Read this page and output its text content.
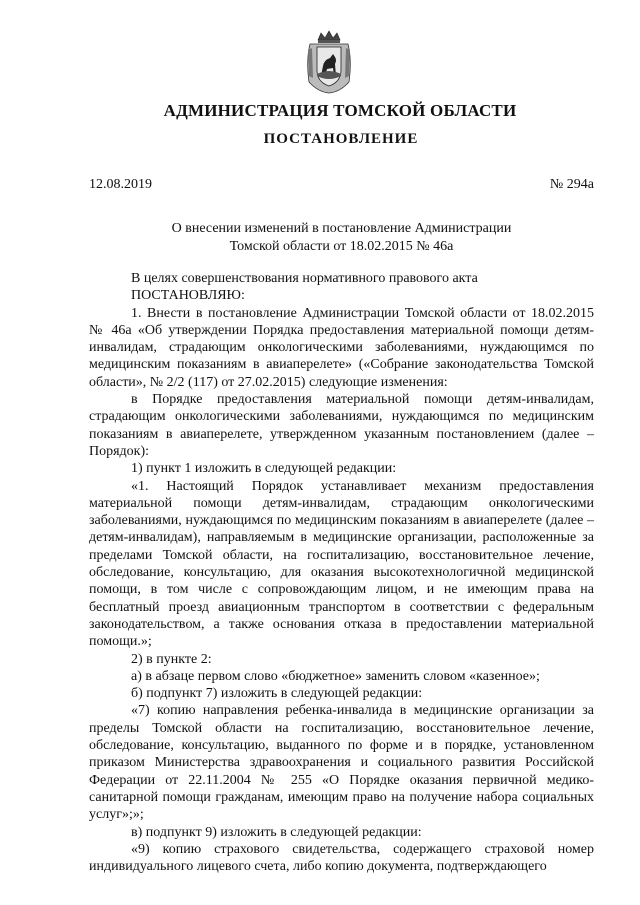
АДМИНИСТРАЦИЯ ТОМСКОЙ ОБЛАСТИ
ПОСТАНОВЛЕНИЕ
12.08.2019	№ 294а
О внесении изменений в постановление Администрации
Томской области от 18.02.2015 № 46а

В целях совершенствования нормативного правового акта

ПОСТАНОВЛЯЮ:

1. Внести в постановление Администрации Томской области от 18.02.2015 № 46а «Об утверждении Порядка предоставления материальной помощи детям-инвалидам, страдающим онкологическими заболеваниями, нуждающимся по медицинским показаниям в авиаперелете» («Собрание законодательства Томской области», № 2/2 (117) от 27.02.2015) следующие изменения:

в Порядке предоставления материальной помощи детям-инвалидам, страдающим онкологическими заболеваниями, нуждающимся по медицинским показаниям в авиаперелете, утвержденном указанным постановлением (далее – Порядок):

1) пункт 1 изложить в следующей редакции:

«1. Настоящий Порядок устанавливает механизм предоставления материальной помощи детям-инвалидам, страдающим онкологическими заболеваниями, нуждающимся по медицинским показаниям в авиаперелете (далее – детям-инвалидам), направляемым в медицинские организации, расположенные за пределами Томской области, на госпитализацию, восстановительное лечение, обследование, консультацию, для оказания высокотехнологичной медицинской помощи, в том числе с сопровождающим лицом, и не имеющим права на бесплатный проезд авиационным транспортом в соответствии с федеральным законодательством, а также основания отказа в предоставлении материальной помощи.»;

2) в пункте 2:

а) в абзаце первом слово «бюджетное» заменить словом «казенное»;

б) подпункт 7) изложить в следующей редакции:

«7) копию направления ребенка-инвалида в медицинские организации за пределы Томской области на госпитализацию, восстановительное лечение, обследование, консультацию, выданного по форме и в порядке, установленном приказом Министерства здравоохранения и социального развития Российской Федерации от 22.11.2004 № 255 «О Порядке оказания первичной медико-санитарной помощи гражданам, имеющим право на получение набора социальных услуг»;»;

в) подпункт 9) изложить в следующей редакции:

«9) копию страхового свидетельства, содержащего страховой номер индивидуального лицевого счета, либо копию документа, подтверждающего
